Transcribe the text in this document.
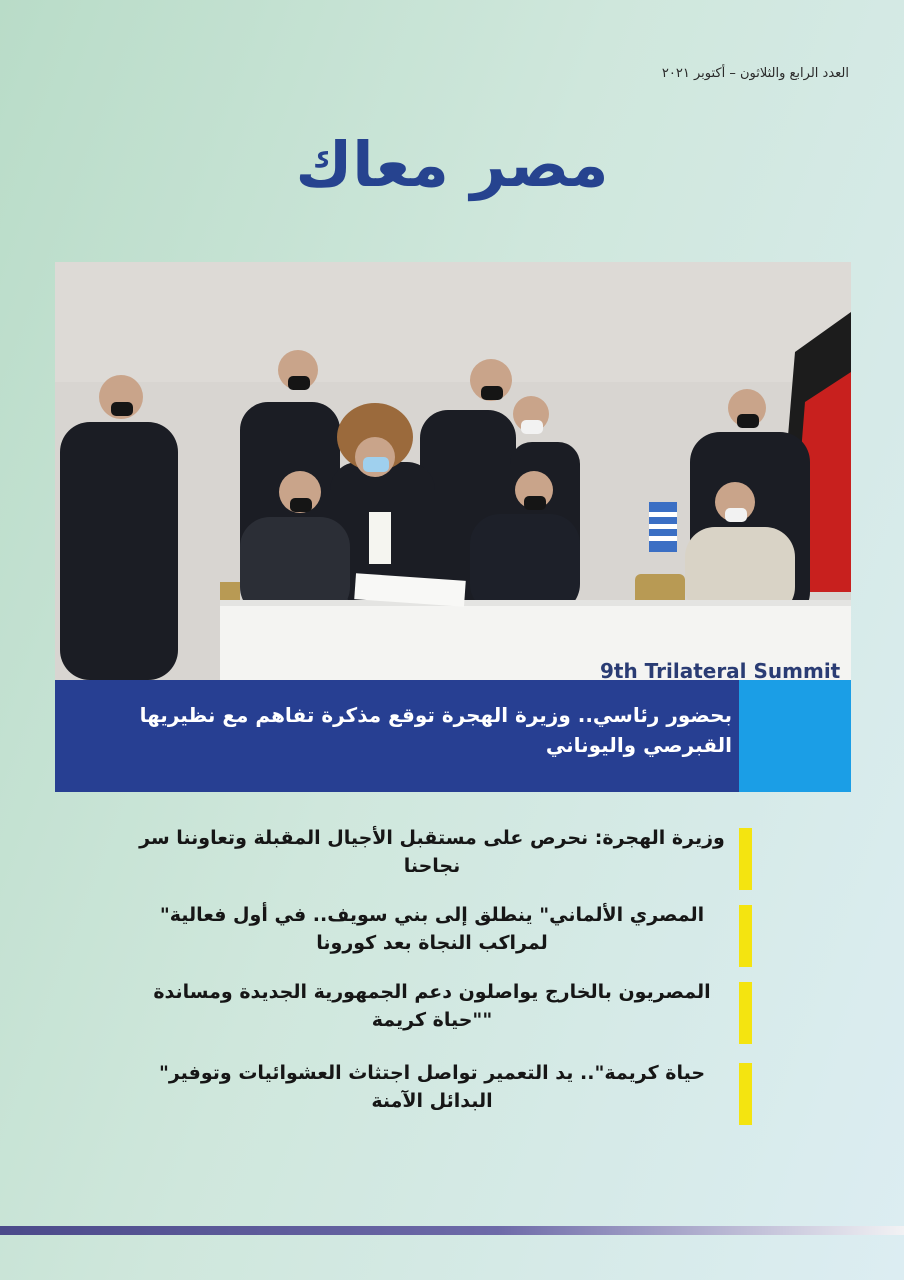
العدد الرابع والثلاثون – أكتوبر ٢٠٢١
مصر معاك
9th Trilateral Summit
بحضور رئاسي.. وزيرة الهجرة توقع مذكرة تفاهم مع نظيريها القبرصي واليوناني
وزيرة الهجرة: نحرص على مستقبل الأجيال المقبلة وتعاوننا سر نجاحنا
المصري الألماني" ينطلق إلى بني سويف.. في أول فعالية" لمراكب النجاة بعد كورونا
المصريون بالخارج يواصلون دعم الجمهورية الجديدة ومساندة ""حياة كريمة
حياة كريمة".. يد التعمير تواصل اجتثاث العشوائيات وتوفير" البدائل الآمنة
